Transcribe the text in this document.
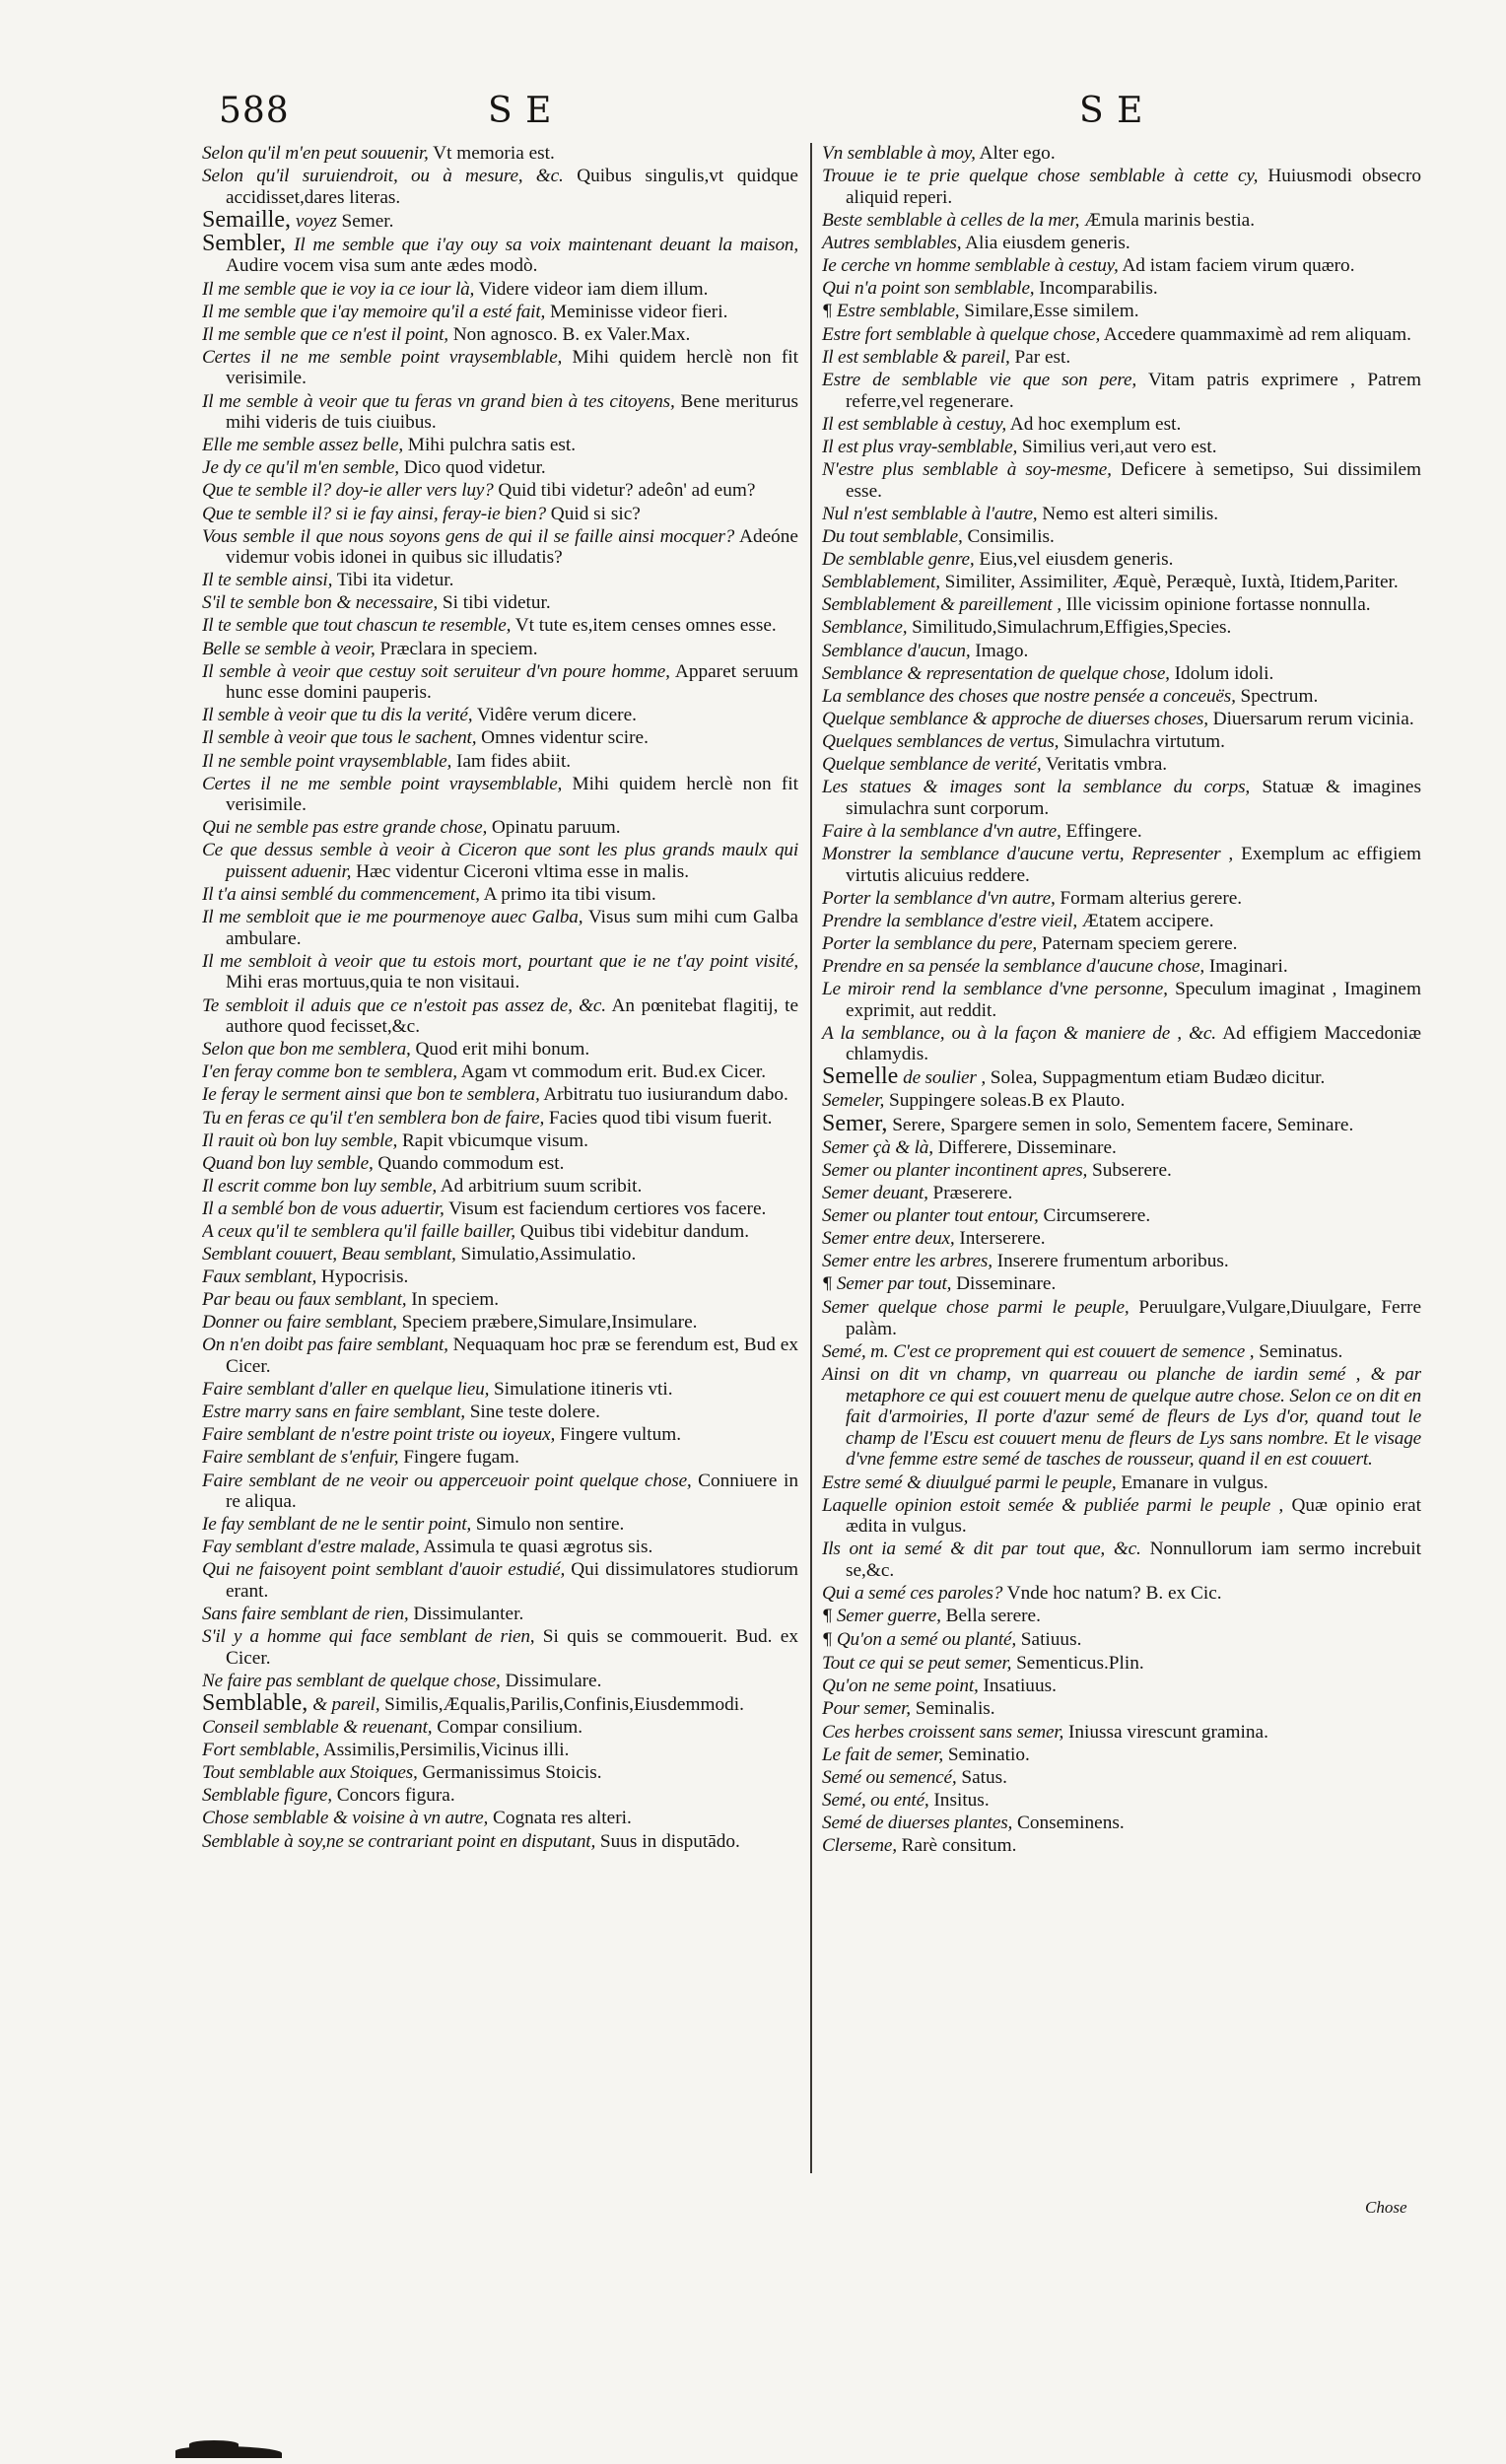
588	S E	S E

Selon qu'il m'en peut souuenir, Vt memoria est.

Selon qu'il suruiendroit, ou à mesure, &c. Quibus singulis,vt quidque accidisset,dares literas.

Semaille, voyez Semer.

Sembler, Il me semble que i'ay ouy sa voix maintenant deuant la maison, Audire vocem visa sum ante ædes modò.

Il me semble que ie voy ia ce iour là, Videre videor iam diem illum.

Il me semble que i'ay memoire qu'il a esté fait, Meminisse videor fieri.

Il me semble que ce n'est il point, Non agnosco. B. ex Valer.Max.

Certes il ne me semble point vraysemblable, Mihi quidem herclè non fit verisimile.

Il me semble à veoir que tu feras vn grand bien à tes citoyens, Bene meriturus mihi videris de tuis ciuibus.

Elle me semble assez belle, Mihi pulchra satis est.

Je dy ce qu'il m'en semble, Dico quod videtur.

Que te semble il? doy-ie aller vers luy? Quid tibi videtur? adeôn' ad eum?

Que te semble il? si ie fay ainsi, feray-ie bien? Quid si sic?

Vous semble il que nous soyons gens de qui il se faille ainsi mocquer? Adeóne videmur vobis idonei in quibus sic illudatis?

Il te semble ainsi, Tibi ita videtur.

S'il te semble bon & necessaire, Si tibi videtur.

Il te semble que tout chascun te resemble, Vt tute es,item censes omnes esse.

Belle se semble à veoir, Præclara in speciem.

Il semble à veoir que cestuy soit seruiteur d'vn poure homme, Apparet seruum hunc esse domini pauperis.

Il semble à veoir que tu dis la verité, Vidêre verum dicere.

Il semble à veoir que tous le sachent, Omnes videntur scire.

Il ne semble point vraysemblable, Iam fides abiit.

Certes il ne me semble point vraysemblable, Mihi quidem herclè non fit verisimile.

Qui ne semble pas estre grande chose, Opinatu paruum.

Ce que dessus semble à veoir à Ciceron que sont les plus grands maulx qui puissent aduenir, Hæc videntur Ciceroni vltima esse in malis.

Il t'a ainsi semblé du commencement, A primo ita tibi visum.

Il me sembloit que ie me pourmenoye auec Galba, Visus sum mihi cum Galba ambulare.

Il me sembloit à veoir que tu estois mort, pourtant que ie ne t'ay point visité, Mihi eras mortuus,quia te non visitaui.

Te sembloit il aduis que ce n'estoit pas assez de, &c. An pœnitebat flagitij, te authore quod fecisset,&c.

Selon que bon me semblera, Quod erit mihi bonum.

I'en feray comme bon te semblera, Agam vt commodum erit. Bud.ex Cicer.

Ie feray le serment ainsi que bon te semblera, Arbitratu tuo iusiurandum dabo.

Tu en feras ce qu'il t'en semblera bon de faire, Facies quod tibi visum fuerit.

Il rauit où bon luy semble, Rapit vbicumque visum.

Quand bon luy semble, Quando commodum est.

Il escrit comme bon luy semble, Ad arbitrium suum scribit.

Il a semblé bon de vous aduertir, Visum est faciendum certiores vos facere.

A ceux qu'il te semblera qu'il faille bailler, Quibus tibi videbitur dandum.

Semblant couuert, Beau semblant, Simulatio,Assimulatio.

Faux semblant, Hypocrisis.

Par beau ou faux semblant, In speciem.

Donner ou faire semblant, Speciem præbere,Simulare,Insimulare.

On n'en doibt pas faire semblant, Nequaquam hoc præ se ferendum est, Bud ex Cicer.

Faire semblant d'aller en quelque lieu, Simulatione itineris vti.

Estre marry sans en faire semblant, Sine teste dolere.

Faire semblant de n'estre point triste ou ioyeux, Fingere vultum.

Faire semblant de s'enfuir, Fingere fugam.

Faire semblant de ne veoir ou apperceuoir point quelque chose, Conniuere in re aliqua.

Ie fay semblant de ne le sentir point, Simulo non sentire.

Fay semblant d'estre malade, Assimula te quasi ægrotus sis.

Qui ne faisoyent point semblant d'auoir estudié, Qui dissimulatores studiorum erant.

Sans faire semblant de rien, Dissimulanter.

S'il y a homme qui face semblant de rien, Si quis se commouerit. Bud. ex Cicer.

Ne faire pas semblant de quelque chose, Dissimulare.

Semblable, & pareil, Similis,Æqualis,Parilis,Confinis,Eiusdemmodi.

Conseil semblable & reuenant, Compar consilium.

Fort semblable, Assimilis,Persimilis,Vicinus illi.

Tout semblable aux Stoiques, Germanissimus Stoicis.

Semblable figure, Concors figura.

Chose semblable & voisine à vn autre, Cognata res alteri.

Semblable à soy,ne se contrariant point en disputant, Suus in disputādo.

Vn semblable à moy, Alter ego.

Trouue ie te prie quelque chose semblable à cette cy, Huiusmodi obsecro aliquid reperi.

Beste semblable à celles de la mer, Æmula marinis bestia.

Autres semblables, Alia eiusdem generis.

Ie cerche vn homme semblable à cestuy, Ad istam faciem virum quæro.

Qui n'a point son semblable, Incomparabilis.

¶ Estre semblable, Similare,Esse similem.

Estre fort semblable à quelque chose, Accedere quammaximè ad rem aliquam.

Il est semblable & pareil, Par est.

Estre de semblable vie que son pere, Vitam patris exprimere , Patrem referre,vel regenerare.

Il est semblable à cestuy, Ad hoc exemplum est.

Il est plus vray-semblable, Similius veri,aut vero est.

N'estre plus semblable à soy-mesme, Deficere à semetipso, Sui dissimilem esse.

Nul n'est semblable à l'autre, Nemo est alteri similis.

Du tout semblable, Consimilis.

De semblable genre, Eius,vel eiusdem generis.

Semblablement, Similiter, Assimiliter, Æquè, Peræquè, Iuxtà, Itidem,Pariter.

Semblablement & pareillement , Ille vicissim opinione fortasse nonnulla.

Semblance, Similitudo,Simulachrum,Effigies,Species.

Semblance d'aucun, Imago.

Semblance & representation de quelque chose, Idolum idoli.

La semblance des choses que nostre pensée a conceuës, Spectrum.

Quelque semblance & approche de diuerses choses, Diuersarum rerum vicinia.

Quelques semblances de vertus, Simulachra virtutum.

Quelque semblance de verité, Veritatis vmbra.

Les statues & images sont la semblance du corps, Statuæ & imagines simulachra sunt corporum.

Faire à la semblance d'vn autre, Effingere.

Monstrer la semblance d'aucune vertu, Representer , Exemplum ac effigiem virtutis alicuius reddere.

Porter la semblance d'vn autre, Formam alterius gerere.

Prendre la semblance d'estre vieil, Ætatem accipere.

Porter la semblance du pere, Paternam speciem gerere.

Prendre en sa pensée la semblance d'aucune chose, Imaginari.

Le miroir rend la semblance d'vne personne, Speculum imaginat , Imaginem exprimit, aut reddit.

A la semblance, ou à la façon & maniere de , &c. Ad effigiem Maccedoniæ chlamydis.

Semelle de soulier , Solea, Suppagmentum etiam Budæo dicitur.

Semeler, Suppingere soleas.B ex Plauto.

Semer, Serere, Spargere semen in solo, Sementem facere, Seminare.

Semer çà & là, Differere, Disseminare.

Semer ou planter incontinent apres, Subserere.

Semer deuant, Præserere.

Semer ou planter tout entour, Circumserere.

Semer entre deux, Interserere.

Semer entre les arbres, Inserere frumentum arboribus.

¶ Semer par tout, Disseminare.

Semer quelque chose parmi le peuple, Peruulgare,Vulgare,Diuulgare, Ferre palàm.

Semé, m. C'est ce proprement qui est couuert de semence , Seminatus.

Ainsi on dit vn champ, vn quarreau ou planche de iardin semé , & par metaphore ce qui est couuert menu de quelque autre chose. Selon ce on dit en fait d'armoiries, Il porte d'azur semé de fleurs de Lys d'or, quand tout le champ de l'Escu est couuert menu de fleurs de Lys sans nombre. Et le visage d'vne femme estre semé de tasches de rousseur, quand il en est couuert.

Estre semé & diuulgué parmi le peuple, Emanare in vulgus.

Laquelle opinion estoit semée & publiée parmi le peuple , Quæ opinio erat ædita in vulgus.

Ils ont ia semé & dit par tout que, &c. Nonnullorum iam sermo increbuit se,&c.

Qui a semé ces paroles? Vnde hoc natum? B. ex Cic.

¶ Semer guerre, Bella serere.

¶ Qu'on a semé ou planté, Satiuus.

Tout ce qui se peut semer, Sementicus.Plin.

Qu'on ne seme point, Insatiuus.

Pour semer, Seminalis.

Ces herbes croissent sans semer, Iniussa virescunt gramina.

Le fait de semer, Seminatio.

Semé ou semencé, Satus.

Semé, ou enté, Insitus.

Semé de diuerses plantes, Conseminens.

Clerseme, Rarè consitum.

Chose
